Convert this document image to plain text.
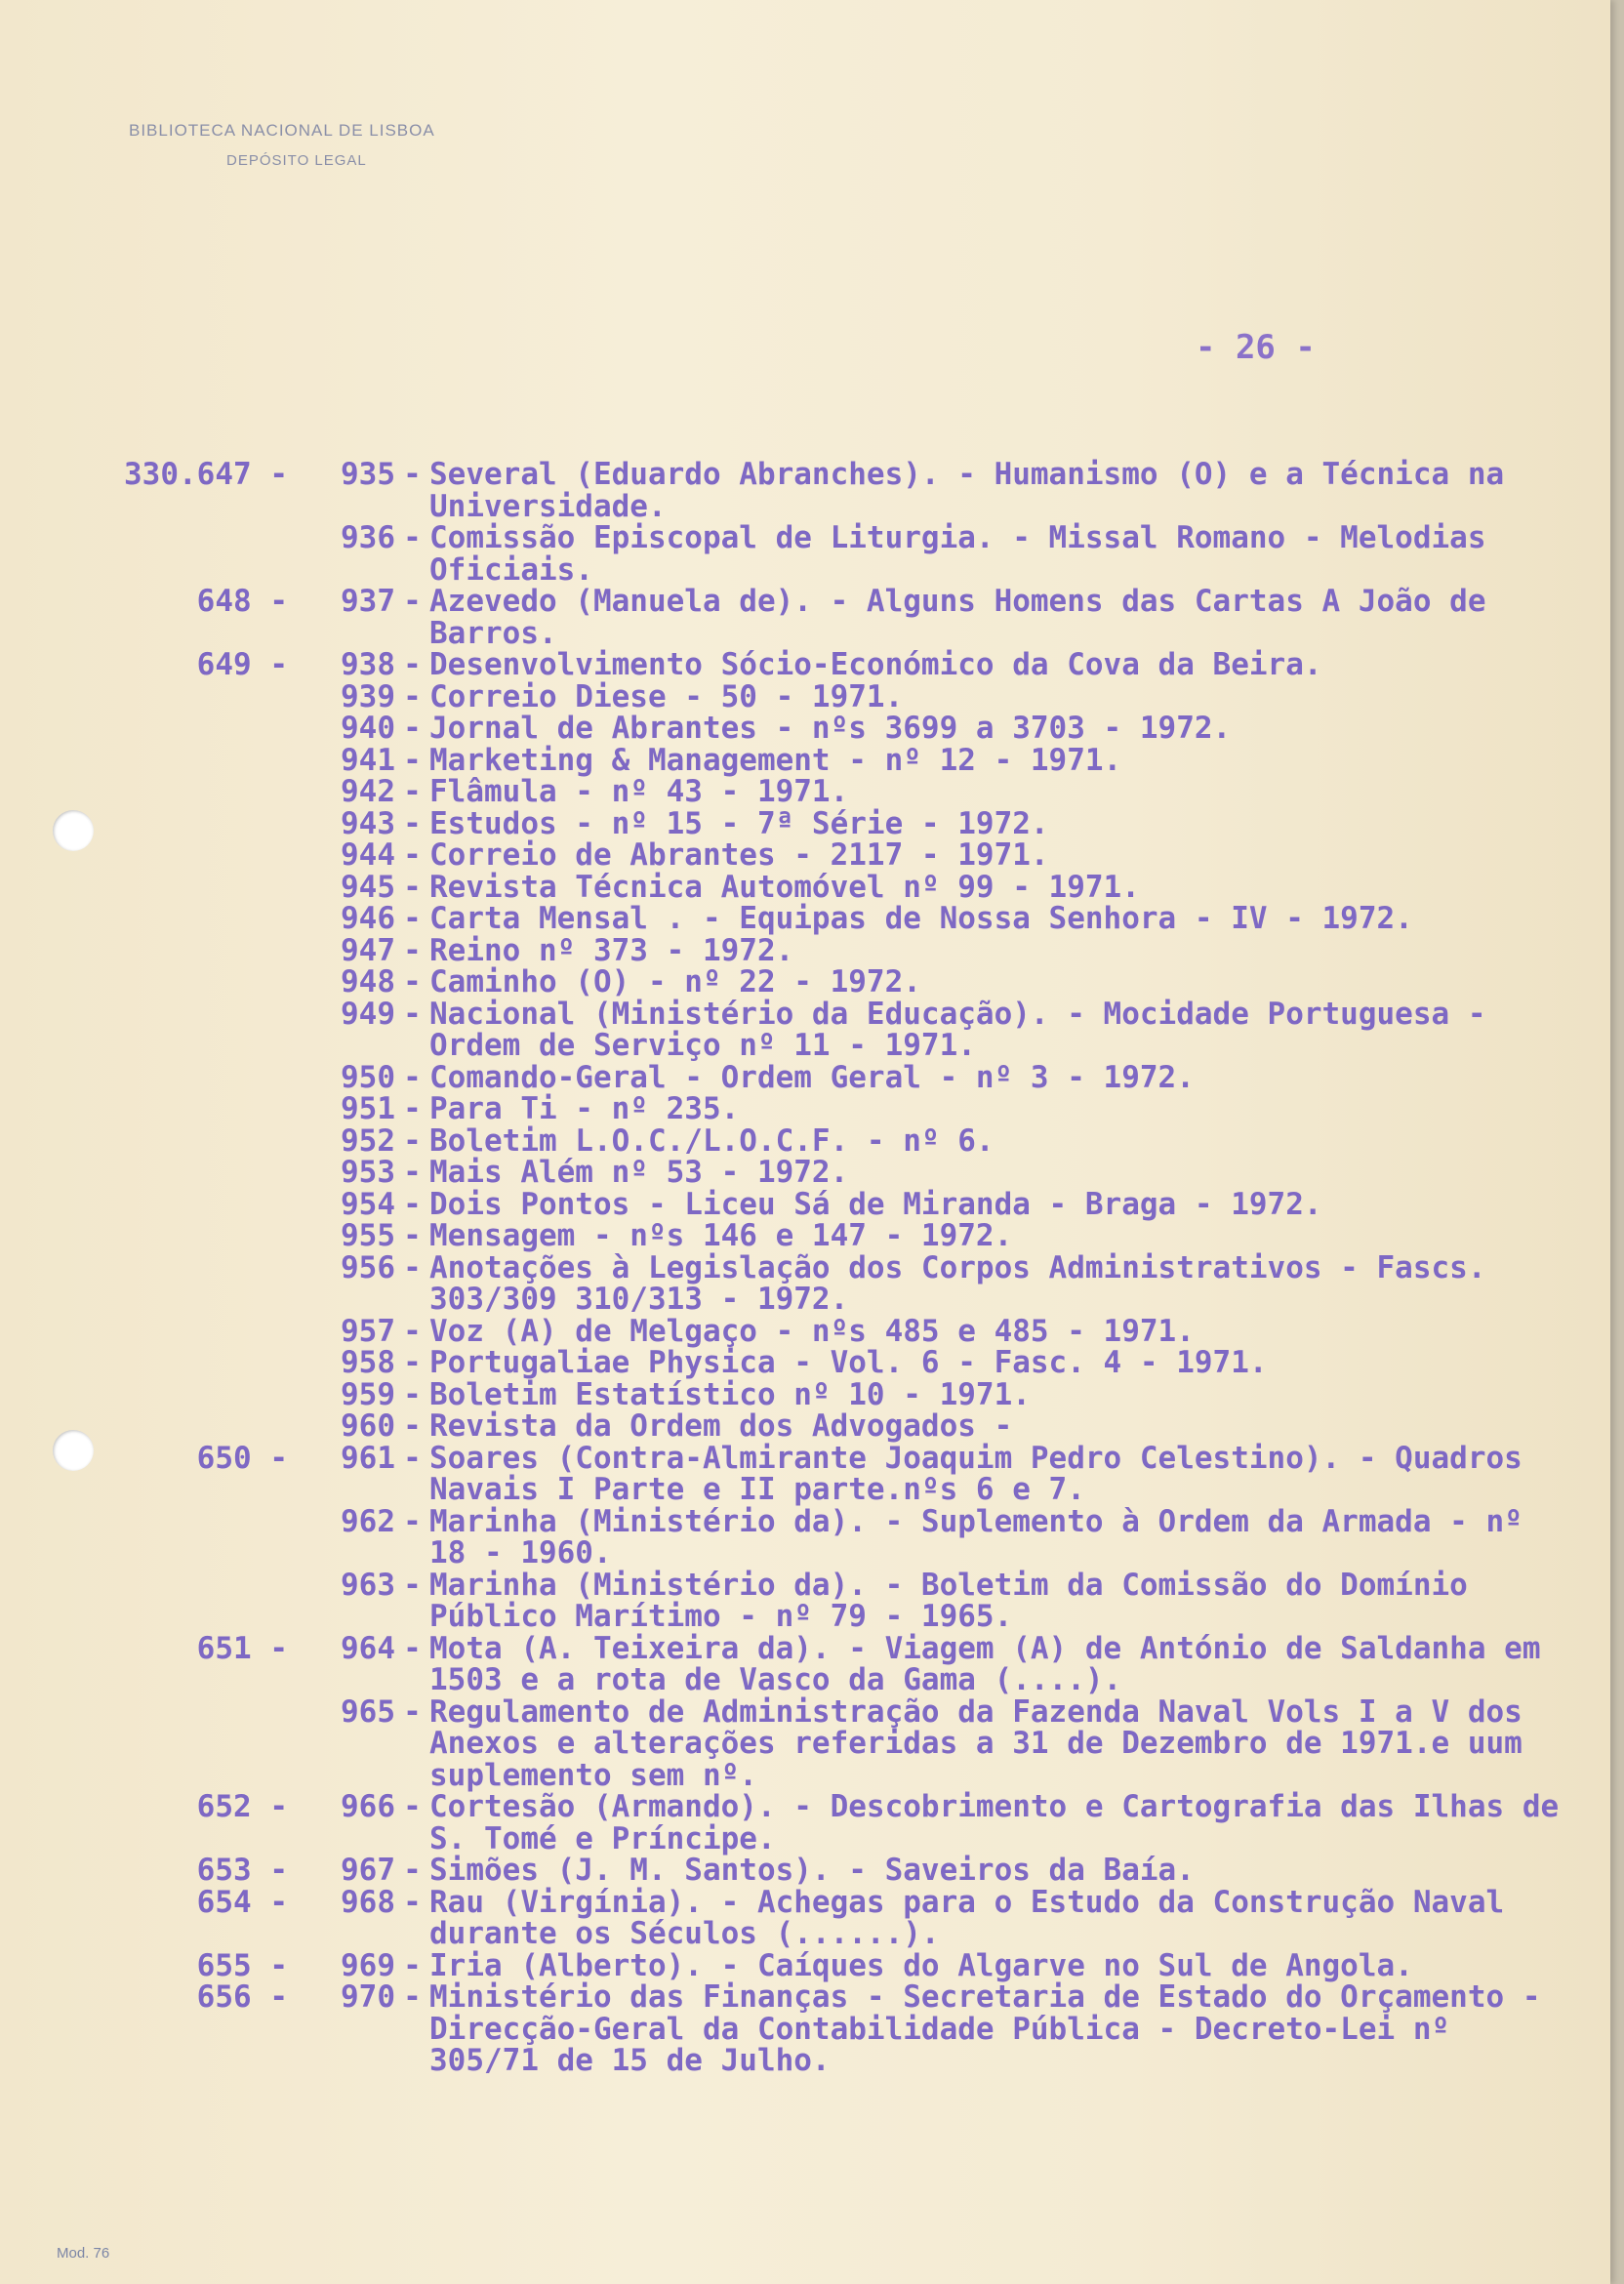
BIBLIOTECA NACIONAL DE LISBOA
DEPÓSITO LEGAL
- 26 -
330.647 -	935 - Several (Eduardo Abranches). - Humanismo (O) e a Técnica na Universidade.
936 - Comissão Episcopal de Liturgia. - Missal Romano - Melodias Oficiais.
648 -	937 - Azevedo (Manuela de). - Alguns Homens das Cartas A João de Barros.
649 -	938 - Desenvolvimento Sócio-Económico da Cova da Beira.
939 - Correio Diese - 50 - 1971.
940 - Jornal de Abrantes - nºs 3699 a 3703 - 1972.
941 - Marketing & Management - nº 12 - 1971.
942 - Flâmula - nº 43 - 1971.
943 - Estudos - nº 15 - 7ª Série - 1972.
944 - Correio de Abrantes - 2117 - 1971.
945 - Revista Técnica Automóvel nº 99 - 1971.
946 - Carta Mensal . - Equipas de Nossa Senhora - IV - 1972.
947 - Reino nº 373 - 1972.
948 - Caminho (O) - nº 22 - 1972.
949 - Nacional (Ministério da Educação). - Mocidade Portuguesa - Ordem de Serviço nº 11 - 1971.
950 - Comando-Geral - Ordem Geral - nº 3 - 1972.
951 - Para Ti - nº 235.
952 - Boletim L.O.C./L.O.C.F. - nº 6.
953 - Mais Além nº 53 - 1972.
954 - Dois Pontos - Liceu Sá de Miranda - Braga - 1972.
955 - Mensagem - nºs 146 e 147 - 1972.
956 - Anotações à Legislação dos Corpos Administrativos - Fascs. 303/309 310/313 - 1972.
957 - Voz (A) de Melgaço - nºs 485 e 485 - 1971.
958 - Portugaliae Physica - Vol. 6 - Fasc. 4 - 1971.
959 - Boletim Estatístico nº 10 - 1971.
960 - Revista da Ordem dos Advogados -
650 -	961 - Soares (Contra-Almirante Joaquim Pedro Celestino). - Quadros Navais I Parte e II parte.nºs 6 e 7.
962 - Marinha (Ministério da). - Suplemento à Ordem da Armada - nº 18 - 1960.
963 - Marinha (Ministério da). - Boletim da Comissão do Domínio Público Marítimo - nº 79 - 1965.
651 -	964 - Mota (A. Teixeira da). - Viagem (A) de António de Saldanha em 1503 e a rota de Vasco da Gama (....).
965 - Regulamento de Administração da Fazenda Naval Vols I a V dos Anexos e alterações referidas a 31 de Dezembro de 1971.e uum suplemento sem nº.
652 -	966 - Cortesão (Armando). - Descobrimento e Cartografia das Ilhas de S. Tomé e Príncipe.
653 -	967 - Simões (J. M. Santos). - Saveiros da Baía.
654 -	968 - Rau (Virgínia). - Achegas para o Estudo da Construção Naval durante os Séculos (......).
655 -	969 - Iria (Alberto). - Caíques do Algarve no Sul de Angola.
656 -	970 - Ministério das Finanças - Secretaria de Estado do Orçamento - Direcção-Geral da Contabilidade Pública - Decreto-Lei nº 305/71 de 15 de Julho.
Mod. 76
